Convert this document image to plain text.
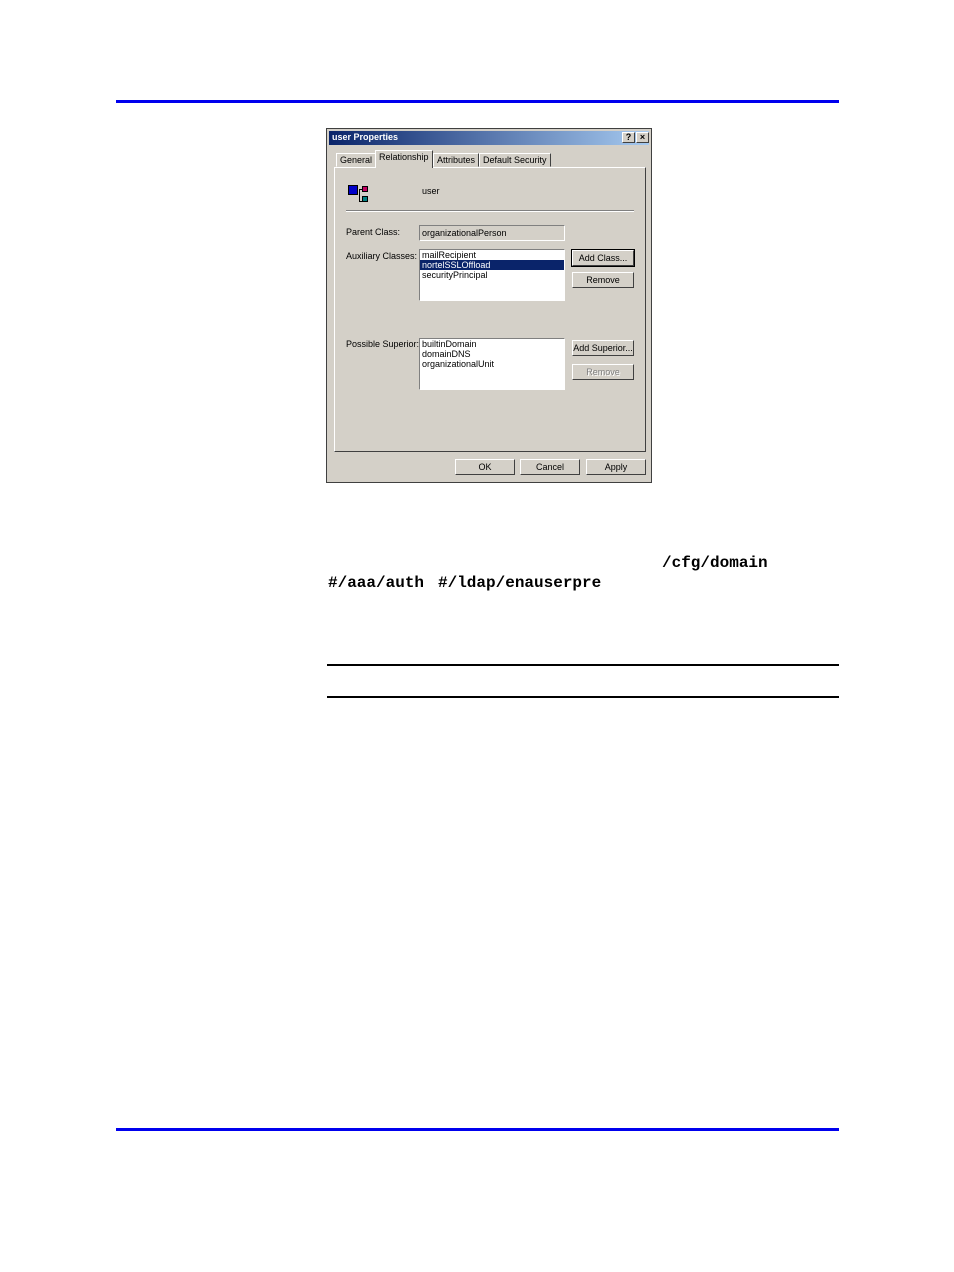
user Properties	? ×
General Relationship Attributes Default Security
user
Parent Class:	organizationalPerson
Auxiliary Classes: mailRecipient
nortelSSLOffload
securityPrincipal
Add Class...
Remove
Possible Superior: builtinDomain
domainDNS
organizationalUnit
Add Superior...
Remove
OK	Cancel	Apply
/cfg/domain
#/aaa/auth #/ldap/enauserpre
